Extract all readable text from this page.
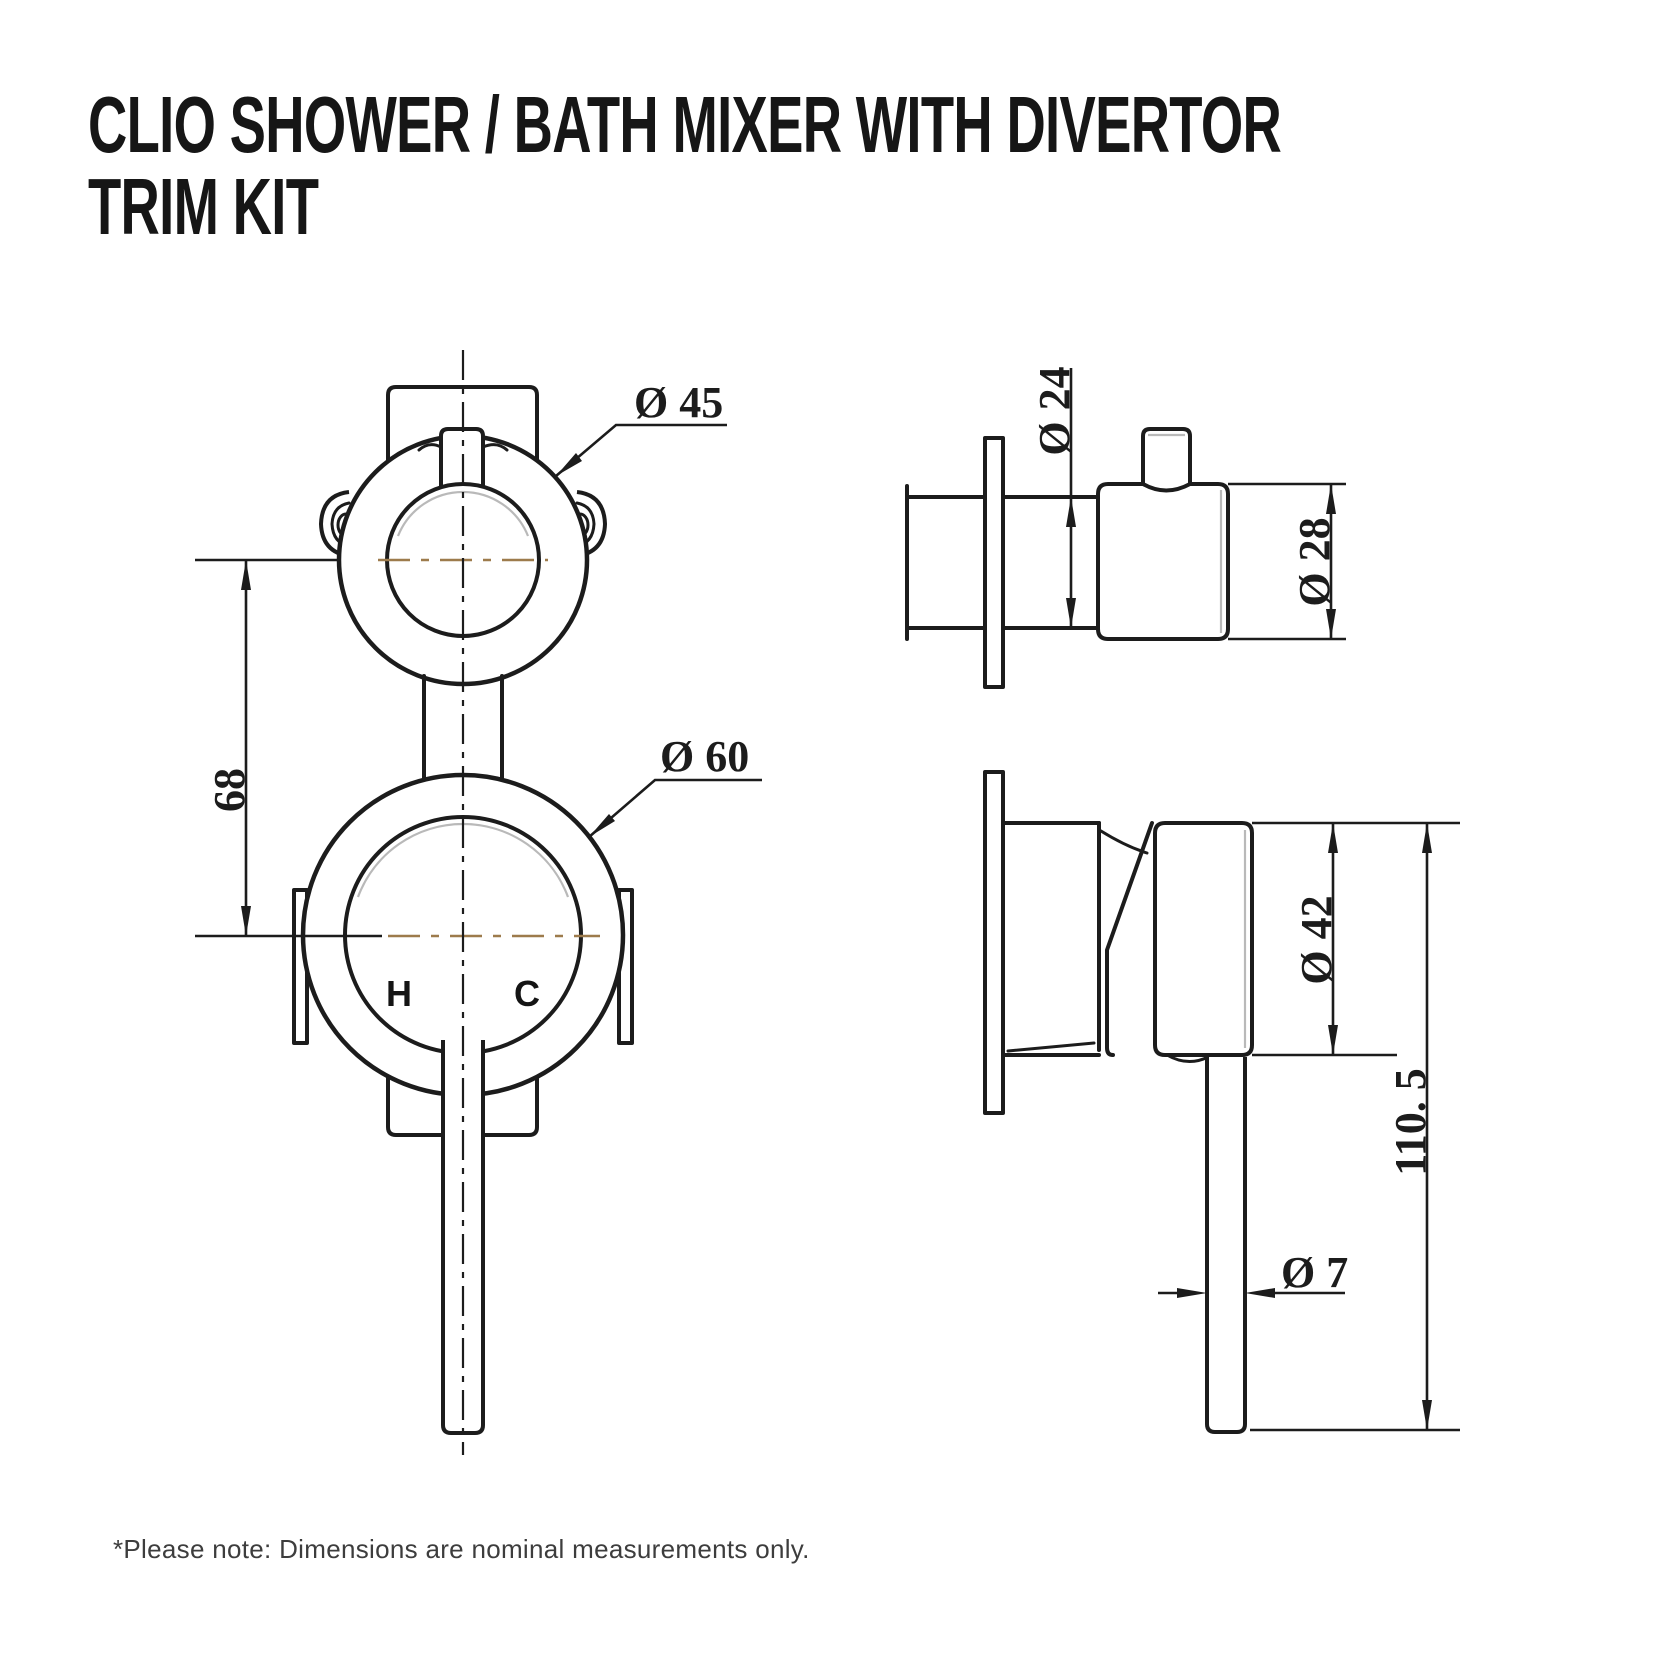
CLIO SHOWER / BATH MIXER WITH DIVERTOR
TRIM KIT
H	C
68
Ø 45
Ø 60
Ø 24
Ø 28
Ø 42
110. 5
Ø 7
*Please note: Dimensions are nominal measurements only.
